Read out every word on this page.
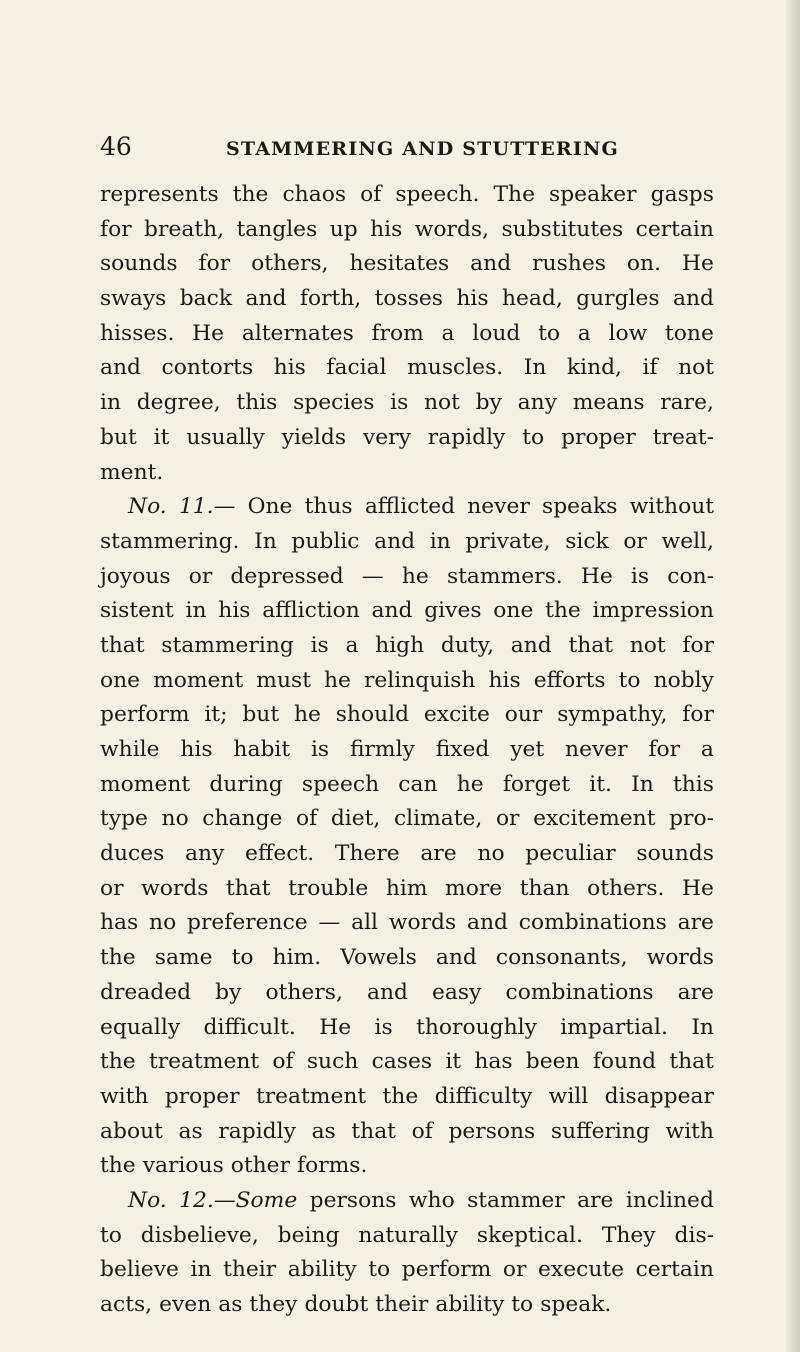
46	STAMMERING AND STUTTERING
represents the chaos of speech. The speaker gasps
for breath, tangles up his words, substitutes certain
sounds for others, hesitates and rushes on. He
sways back and forth, tosses his head, gurgles and
hisses. He alternates from a loud to a low tone
and contorts his facial muscles. In kind, if not
in degree, this species is not by any means rare,
but it usually yields very rapidly to proper treat-
ment.
No. 11.— One thus afflicted never speaks without
stammering. In public and in private, sick or well,
joyous or depressed — he stammers. He is con-
sistent in his affliction and gives one the impression
that stammering is a high duty, and that not for
one moment must he relinquish his efforts to nobly
perform it; but he should excite our sympathy, for
while his habit is firmly fixed yet never for a
moment during speech can he forget it. In this
type no change of diet, climate, or excitement pro-
duces any effect. There are no peculiar sounds
or words that trouble him more than others. He
has no preference — all words and combinations are
the same to him. Vowels and consonants, words
dreaded by others, and easy combinations are
equally difficult. He is thoroughly impartial. In
the treatment of such cases it has been found that
with proper treatment the difficulty will disappear
about as rapidly as that of persons suffering with
the various other forms.
No. 12.—Some persons who stammer are inclined
to disbelieve, being naturally skeptical. They dis-
believe in their ability to perform or execute certain
acts, even as they doubt their ability to speak.
